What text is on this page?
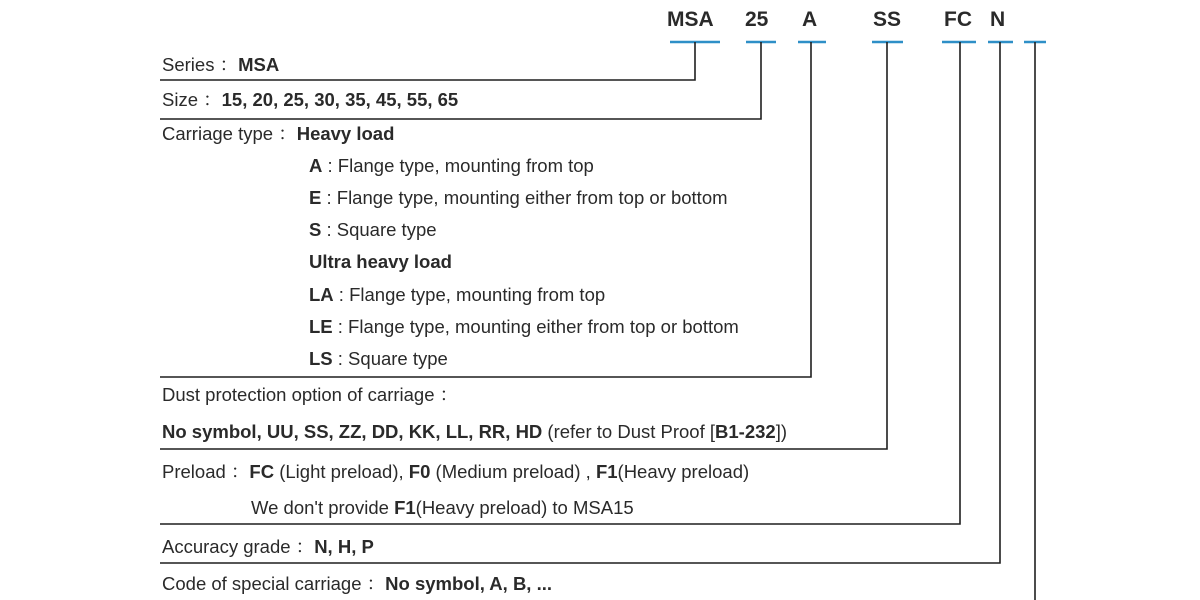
MSA 25 A	SS FC N
Series ：MSA
Size ：15, 20, 25, 30, 35, 45, 55, 65
Carriage type ：Heavy load
A : Flange type, mounting from top
E : Flange type, mounting either from top or bottom
S : Square type
Ultra heavy load
LA : Flange type, mounting from top
LE : Flange type, mounting either from top or bottom
LS : Square type
Dust protection option of carriage ：
No symbol, UU, SS, ZZ, DD, KK, LL, RR, HD (refer to Dust Proof [B1-232])
Preload ：FC (Light preload), F0 (Medium preload) , F1(Heavy preload)
We don't provide F1(Heavy preload) to MSA15
Accuracy grade ：N, H, P
Code of special carriage ：No symbol, A, B, ...
